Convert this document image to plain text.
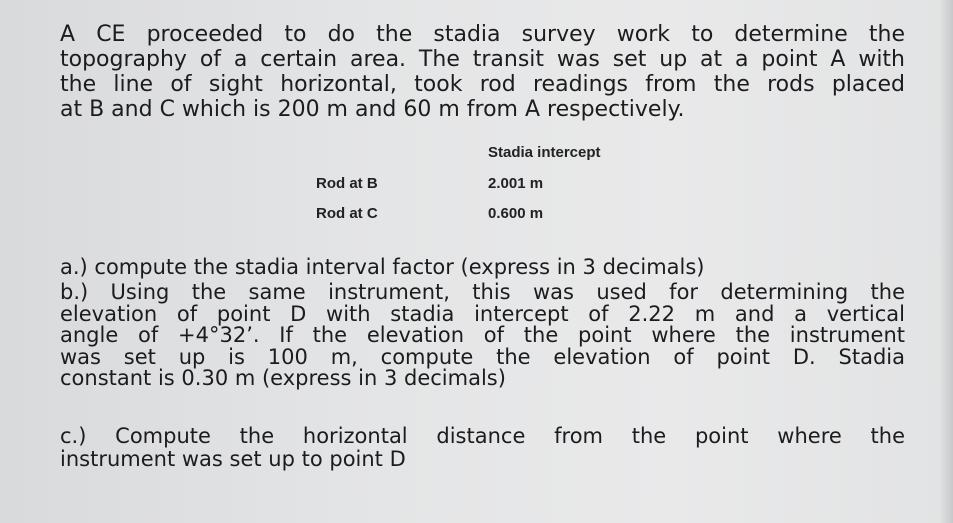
A CE proceeded to do the stadia survey work to determine the
topography of a certain area. The transit was set up at a point A with
the line of sight horizontal, took rod readings from the rods placed
at B and C which is 200 m and 60 m from A respectively.
Stadia intercept
Rod at B	2.001 m
Rod at C	0.600 m
a.) compute the stadia interval factor (express in 3 decimals)
b.) Using the same instrument, this was used for determining the
elevation of point D with stadia intercept of 2.22 m and a vertical
angle of +4°32’. If the elevation of the point where the instrument
was set up is 100 m, compute the elevation of point D. Stadia
constant is 0.30 m (express in 3 decimals)
c.) Compute the horizontal distance from the point where the
instrument was set up to point D
